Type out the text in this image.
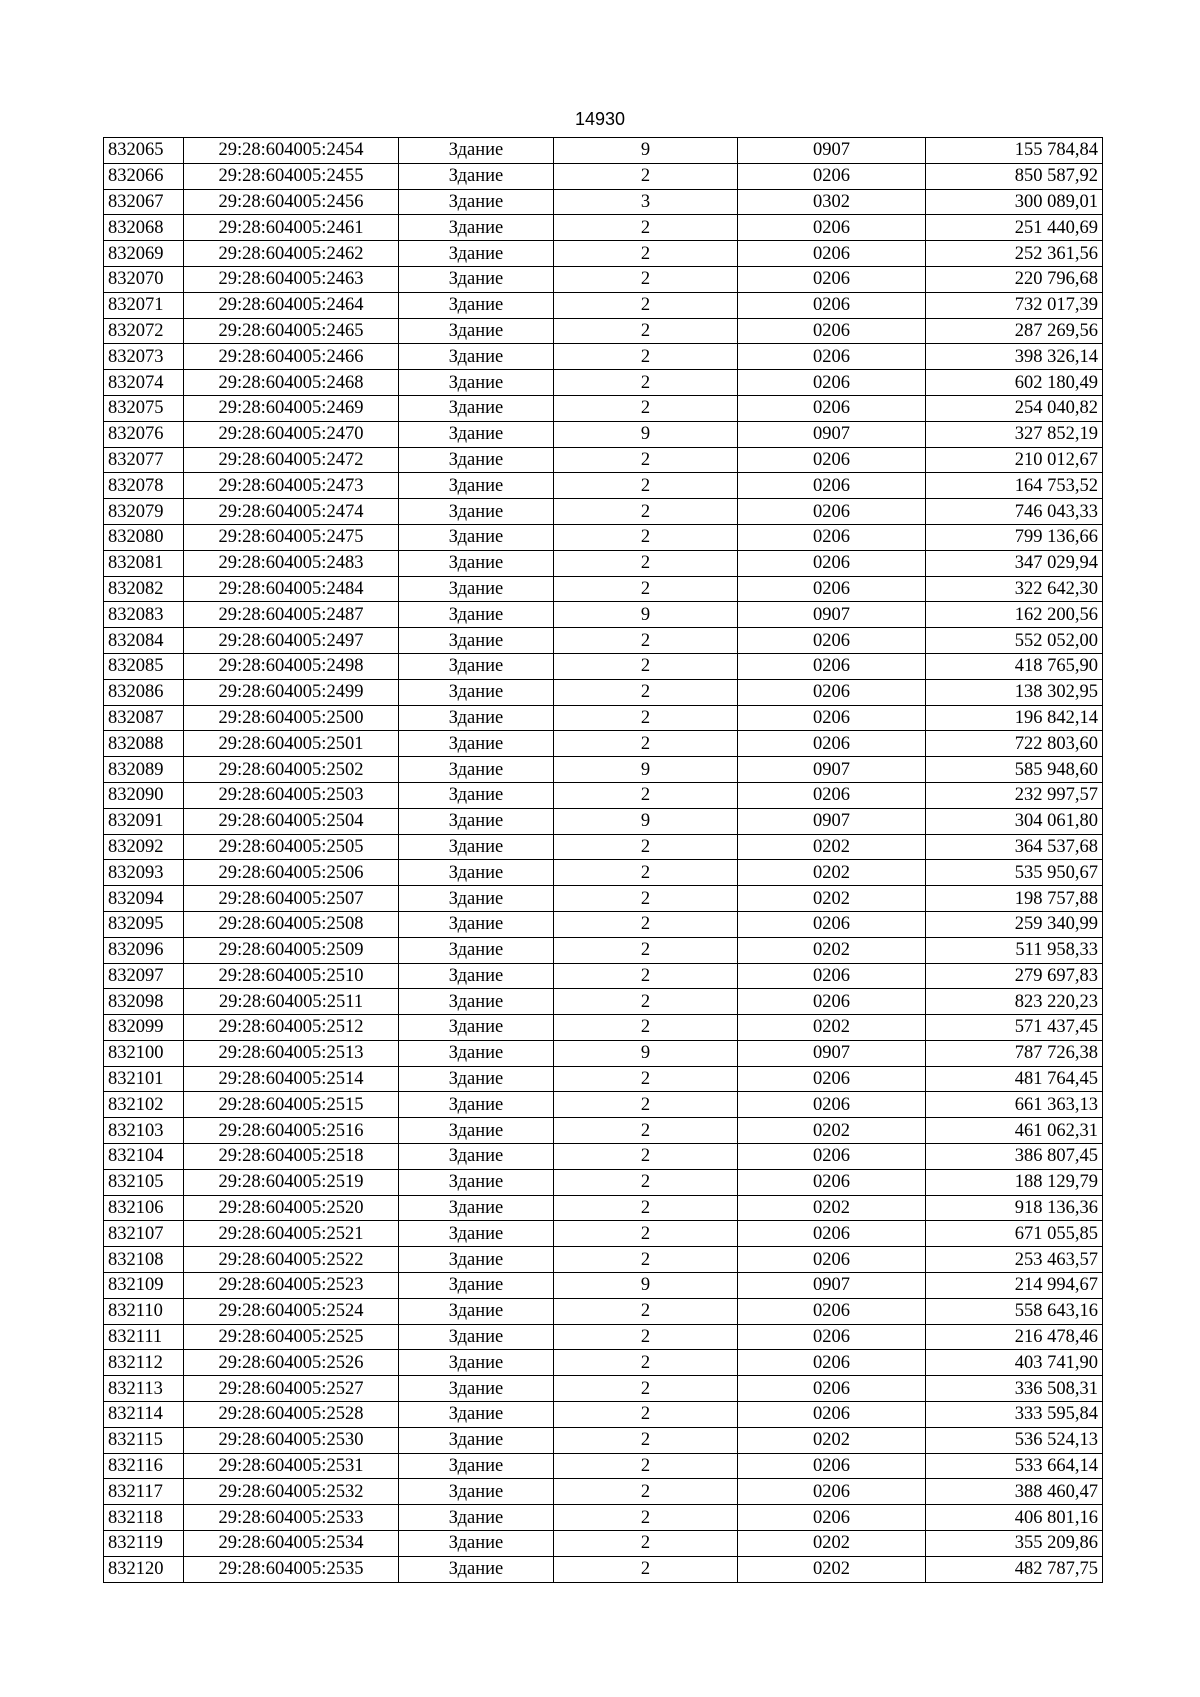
14930
832065	29:28:604005:2454	Здание	9	0907	155 784,84
832066	29:28:604005:2455	Здание	2	0206	850 587,92
832067	29:28:604005:2456	Здание	3	0302	300 089,01
832068	29:28:604005:2461	Здание	2	0206	251 440,69
832069	29:28:604005:2462	Здание	2	0206	252 361,56
832070	29:28:604005:2463	Здание	2	0206	220 796,68
832071	29:28:604005:2464	Здание	2	0206	732 017,39
832072	29:28:604005:2465	Здание	2	0206	287 269,56
832073	29:28:604005:2466	Здание	2	0206	398 326,14
832074	29:28:604005:2468	Здание	2	0206	602 180,49
832075	29:28:604005:2469	Здание	2	0206	254 040,82
832076	29:28:604005:2470	Здание	9	0907	327 852,19
832077	29:28:604005:2472	Здание	2	0206	210 012,67
832078	29:28:604005:2473	Здание	2	0206	164 753,52
832079	29:28:604005:2474	Здание	2	0206	746 043,33
832080	29:28:604005:2475	Здание	2	0206	799 136,66
832081	29:28:604005:2483	Здание	2	0206	347 029,94
832082	29:28:604005:2484	Здание	2	0206	322 642,30
832083	29:28:604005:2487	Здание	9	0907	162 200,56
832084	29:28:604005:2497	Здание	2	0206	552 052,00
832085	29:28:604005:2498	Здание	2	0206	418 765,90
832086	29:28:604005:2499	Здание	2	0206	138 302,95
832087	29:28:604005:2500	Здание	2	0206	196 842,14
832088	29:28:604005:2501	Здание	2	0206	722 803,60
832089	29:28:604005:2502	Здание	9	0907	585 948,60
832090	29:28:604005:2503	Здание	2	0206	232 997,57
832091	29:28:604005:2504	Здание	9	0907	304 061,80
832092	29:28:604005:2505	Здание	2	0202	364 537,68
832093	29:28:604005:2506	Здание	2	0202	535 950,67
832094	29:28:604005:2507	Здание	2	0202	198 757,88
832095	29:28:604005:2508	Здание	2	0206	259 340,99
832096	29:28:604005:2509	Здание	2	0202	511 958,33
832097	29:28:604005:2510	Здание	2	0206	279 697,83
832098	29:28:604005:2511	Здание	2	0206	823 220,23
832099	29:28:604005:2512	Здание	2	0202	571 437,45
832100	29:28:604005:2513	Здание	9	0907	787 726,38
832101	29:28:604005:2514	Здание	2	0206	481 764,45
832102	29:28:604005:2515	Здание	2	0206	661 363,13
832103	29:28:604005:2516	Здание	2	0202	461 062,31
832104	29:28:604005:2518	Здание	2	0206	386 807,45
832105	29:28:604005:2519	Здание	2	0206	188 129,79
832106	29:28:604005:2520	Здание	2	0202	918 136,36
832107	29:28:604005:2521	Здание	2	0206	671 055,85
832108	29:28:604005:2522	Здание	2	0206	253 463,57
832109	29:28:604005:2523	Здание	9	0907	214 994,67
832110	29:28:604005:2524	Здание	2	0206	558 643,16
832111	29:28:604005:2525	Здание	2	0206	216 478,46
832112	29:28:604005:2526	Здание	2	0206	403 741,90
832113	29:28:604005:2527	Здание	2	0206	336 508,31
832114	29:28:604005:2528	Здание	2	0206	333 595,84
832115	29:28:604005:2530	Здание	2	0202	536 524,13
832116	29:28:604005:2531	Здание	2	0206	533 664,14
832117	29:28:604005:2532	Здание	2	0206	388 460,47
832118	29:28:604005:2533	Здание	2	0206	406 801,16
832119	29:28:604005:2534	Здание	2	0202	355 209,86
832120	29:28:604005:2535	Здание	2	0202	482 787,75
